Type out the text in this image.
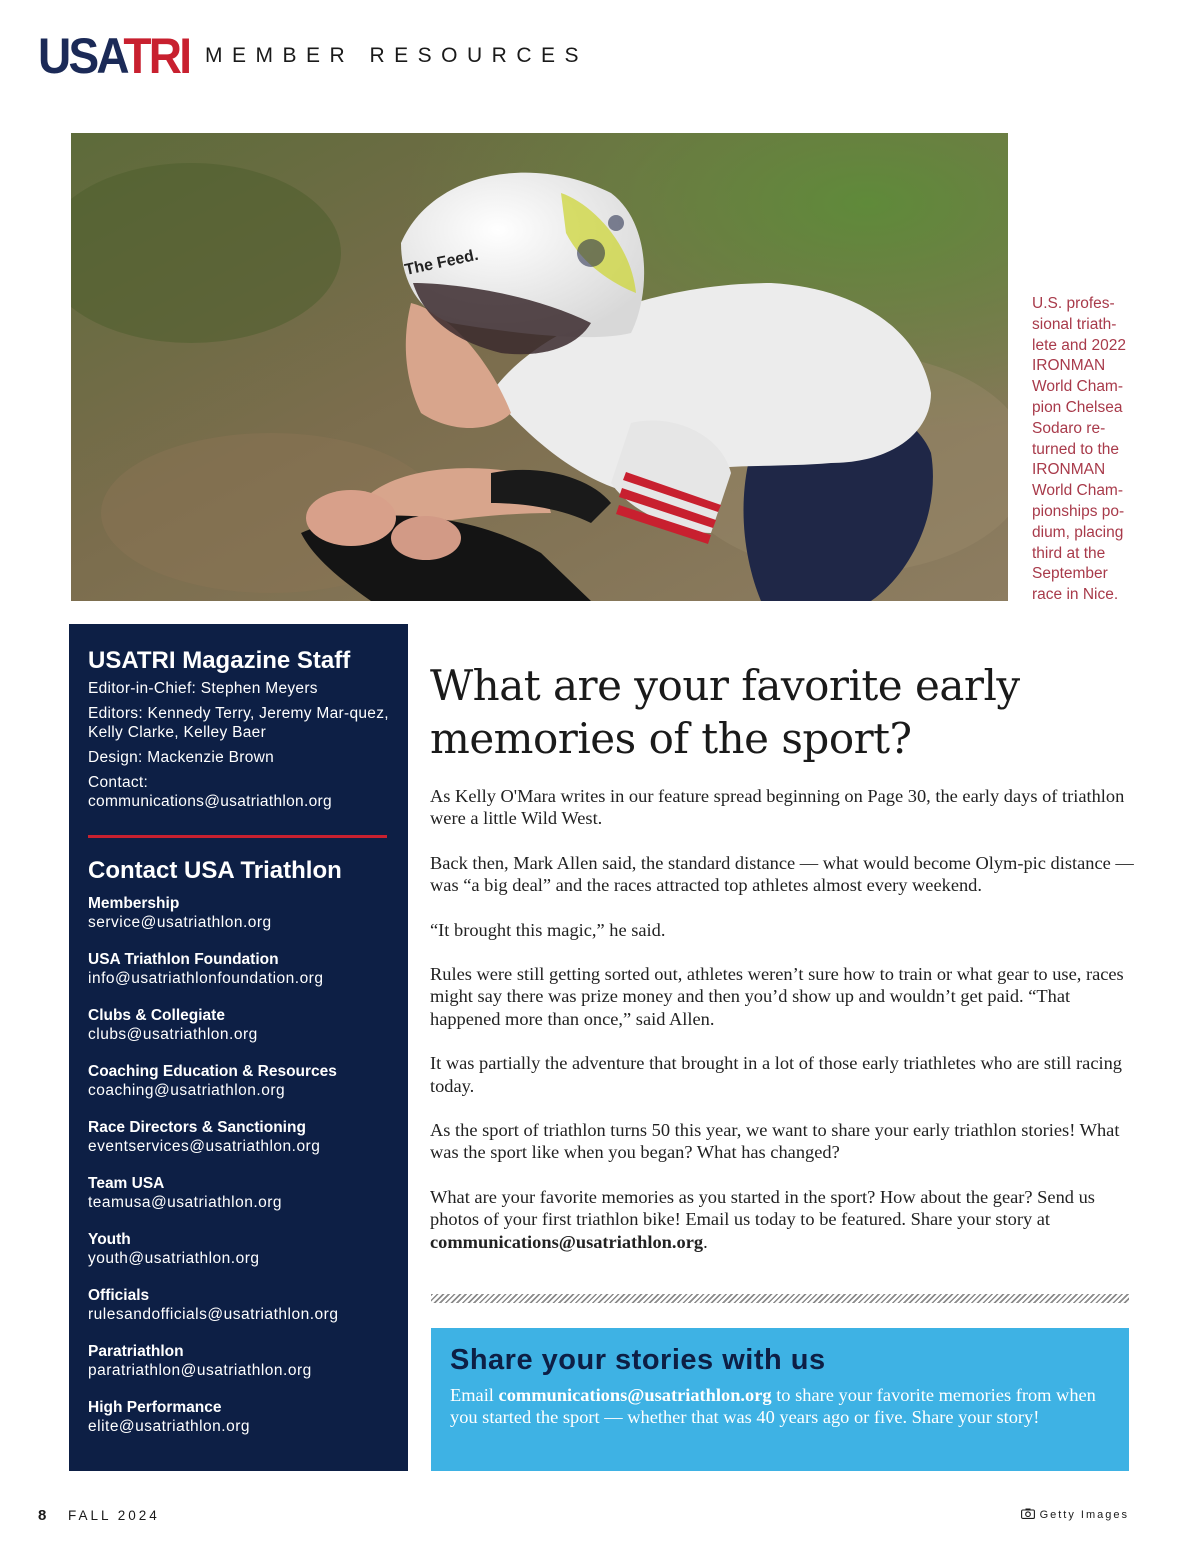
USATRI MEMBER RESOURCES
The Feed.
U.S. profes-sional triath-lete and 2022 IRONMAN World Cham-pion Chelsea Sodaro re-turned to the IRONMAN World Cham-pionships po-dium, placing third at the September race in Nice.
USATRI Magazine Staff
Editor-in-Chief: Stephen Meyers
Editors: Kennedy Terry, Jeremy Mar-quez, Kelly Clarke, Kelley Baer
Design: Mackenzie Brown
Contact: communications@usatriathlon.org
Contact USA Triathlon
Membership
service@usatriathlon.org
USA Triathlon Foundation
info@usatriathlonfoundation.org
Clubs & Collegiate
clubs@usatriathlon.org
Coaching Education & Resources
coaching@usatriathlon.org
Race Directors & Sanctioning
eventservices@usatriathlon.org
Team USA
teamusa@usatriathlon.org
Youth
youth@usatriathlon.org
Officials
rulesandofficials@usatriathlon.org
Paratriathlon
paratriathlon@usatriathlon.org
High Performance
elite@usatriathlon.org
What are your favorite early memories of the sport?

As Kelly O'Mara writes in our feature spread beginning on Page 30, the early days of triathlon were a little Wild West.

Back then, Mark Allen said, the standard distance — what would become Olym-pic distance — was “a big deal” and the races attracted top athletes almost every weekend.

“It brought this magic,” he said.

Rules were still getting sorted out, athletes weren’t sure how to train or what gear to use, races might say there was prize money and then you’d show up and wouldn’t get paid. “That happened more than once,” said Allen.

It was partially the adventure that brought in a lot of those early triathletes who are still racing today.

As the sport of triathlon turns 50 this year, we want to share your early triathlon stories! What was the sport like when you began? What has changed?

What are your favorite memories as you started in the sport? How about the gear? Send us photos of your first triathlon bike! Email us today to be featured. Share your story at communications@usatriathlon.org.

Share your stories with us

Email communications@usatriathlon.org to share your favorite memories from when you started the sport — whether that was 40 years ago or five. Share your story!

8 FALL 2024	Getty Images
